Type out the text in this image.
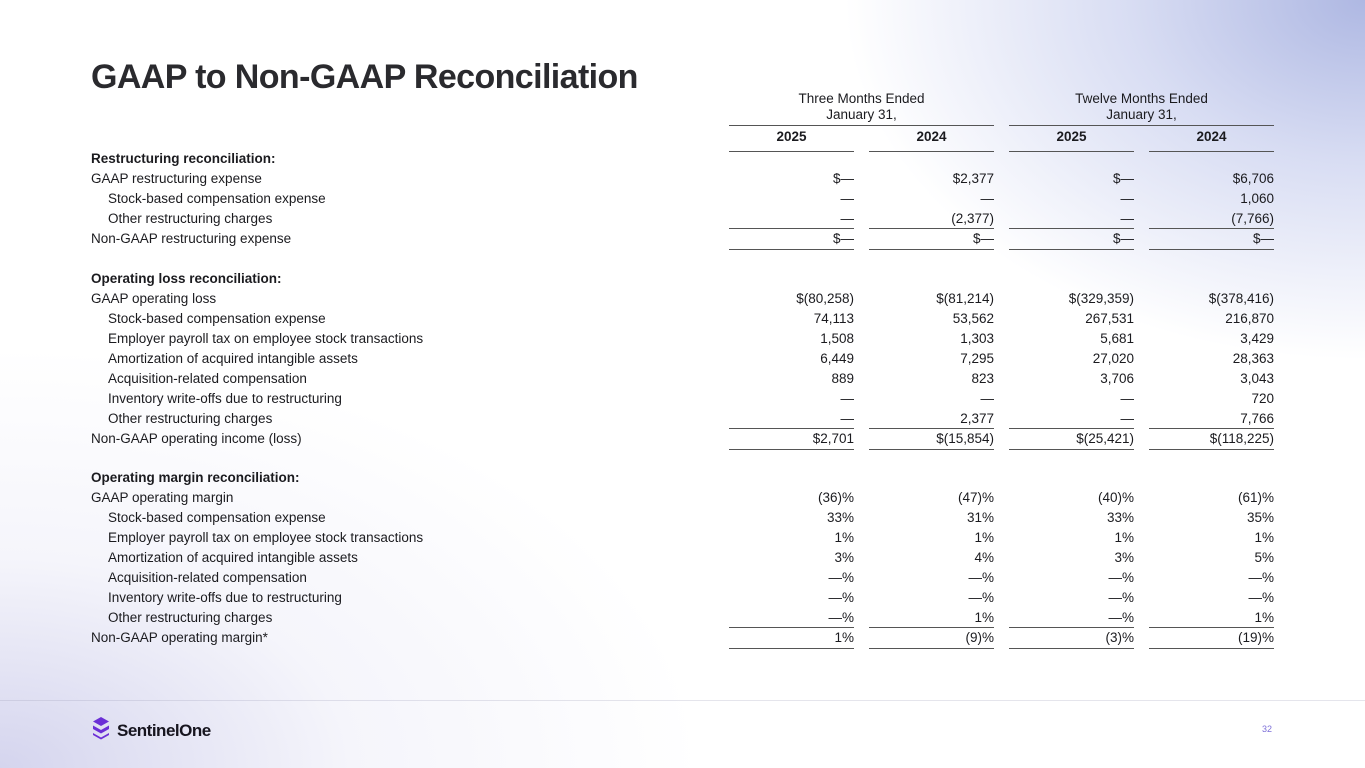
GAAP to Non-GAAP Reconciliation
Three Months Ended
January 31,
Twelve Months Ended
January 31,
2025	2024	2025	2024
Restructuring reconciliation:
GAAP restructuring expense	$—	$2,377	$—	$6,706
Stock-based compensation expense	—	—	—	1,060
Other restructuring charges	—	(2,377)	—	(7,766)
Non-GAAP restructuring expense	$—	$—	$—	$—
Operating loss reconciliation:
GAAP operating loss	$(80,258)	$(81,214)	$(329,359)	$(378,416)
Stock-based compensation expense	74,113	53,562	267,531	216,870
Employer payroll tax on employee stock transactions	1,508	1,303	5,681	3,429
Amortization of acquired intangible assets	6,449	7,295	27,020	28,363
Acquisition-related compensation	889	823	3,706	3,043
Inventory write-offs due to restructuring	—	—	—	720
Other restructuring charges	—	2,377	—	7,766
Non-GAAP operating income (loss)	$2,701	$(15,854)	$(25,421)	$(118,225)
Operating margin reconciliation:
GAAP operating margin	(36)%	(47)%	(40)%	(61)%
Stock-based compensation expense	33%	31%	33%	35%
Employer payroll tax on employee stock transactions	1%	1%	1%	1%
Amortization of acquired intangible assets	3%	4%	3%	5%
Acquisition-related compensation	—%	—%	—%	—%
Inventory write-offs due to restructuring	—%	—%	—%	—%
Other restructuring charges	—%	1%	—%	1%
Non-GAAP operating margin*	1%	(9)%	(3)%	(19)%
SentinelOne	32
